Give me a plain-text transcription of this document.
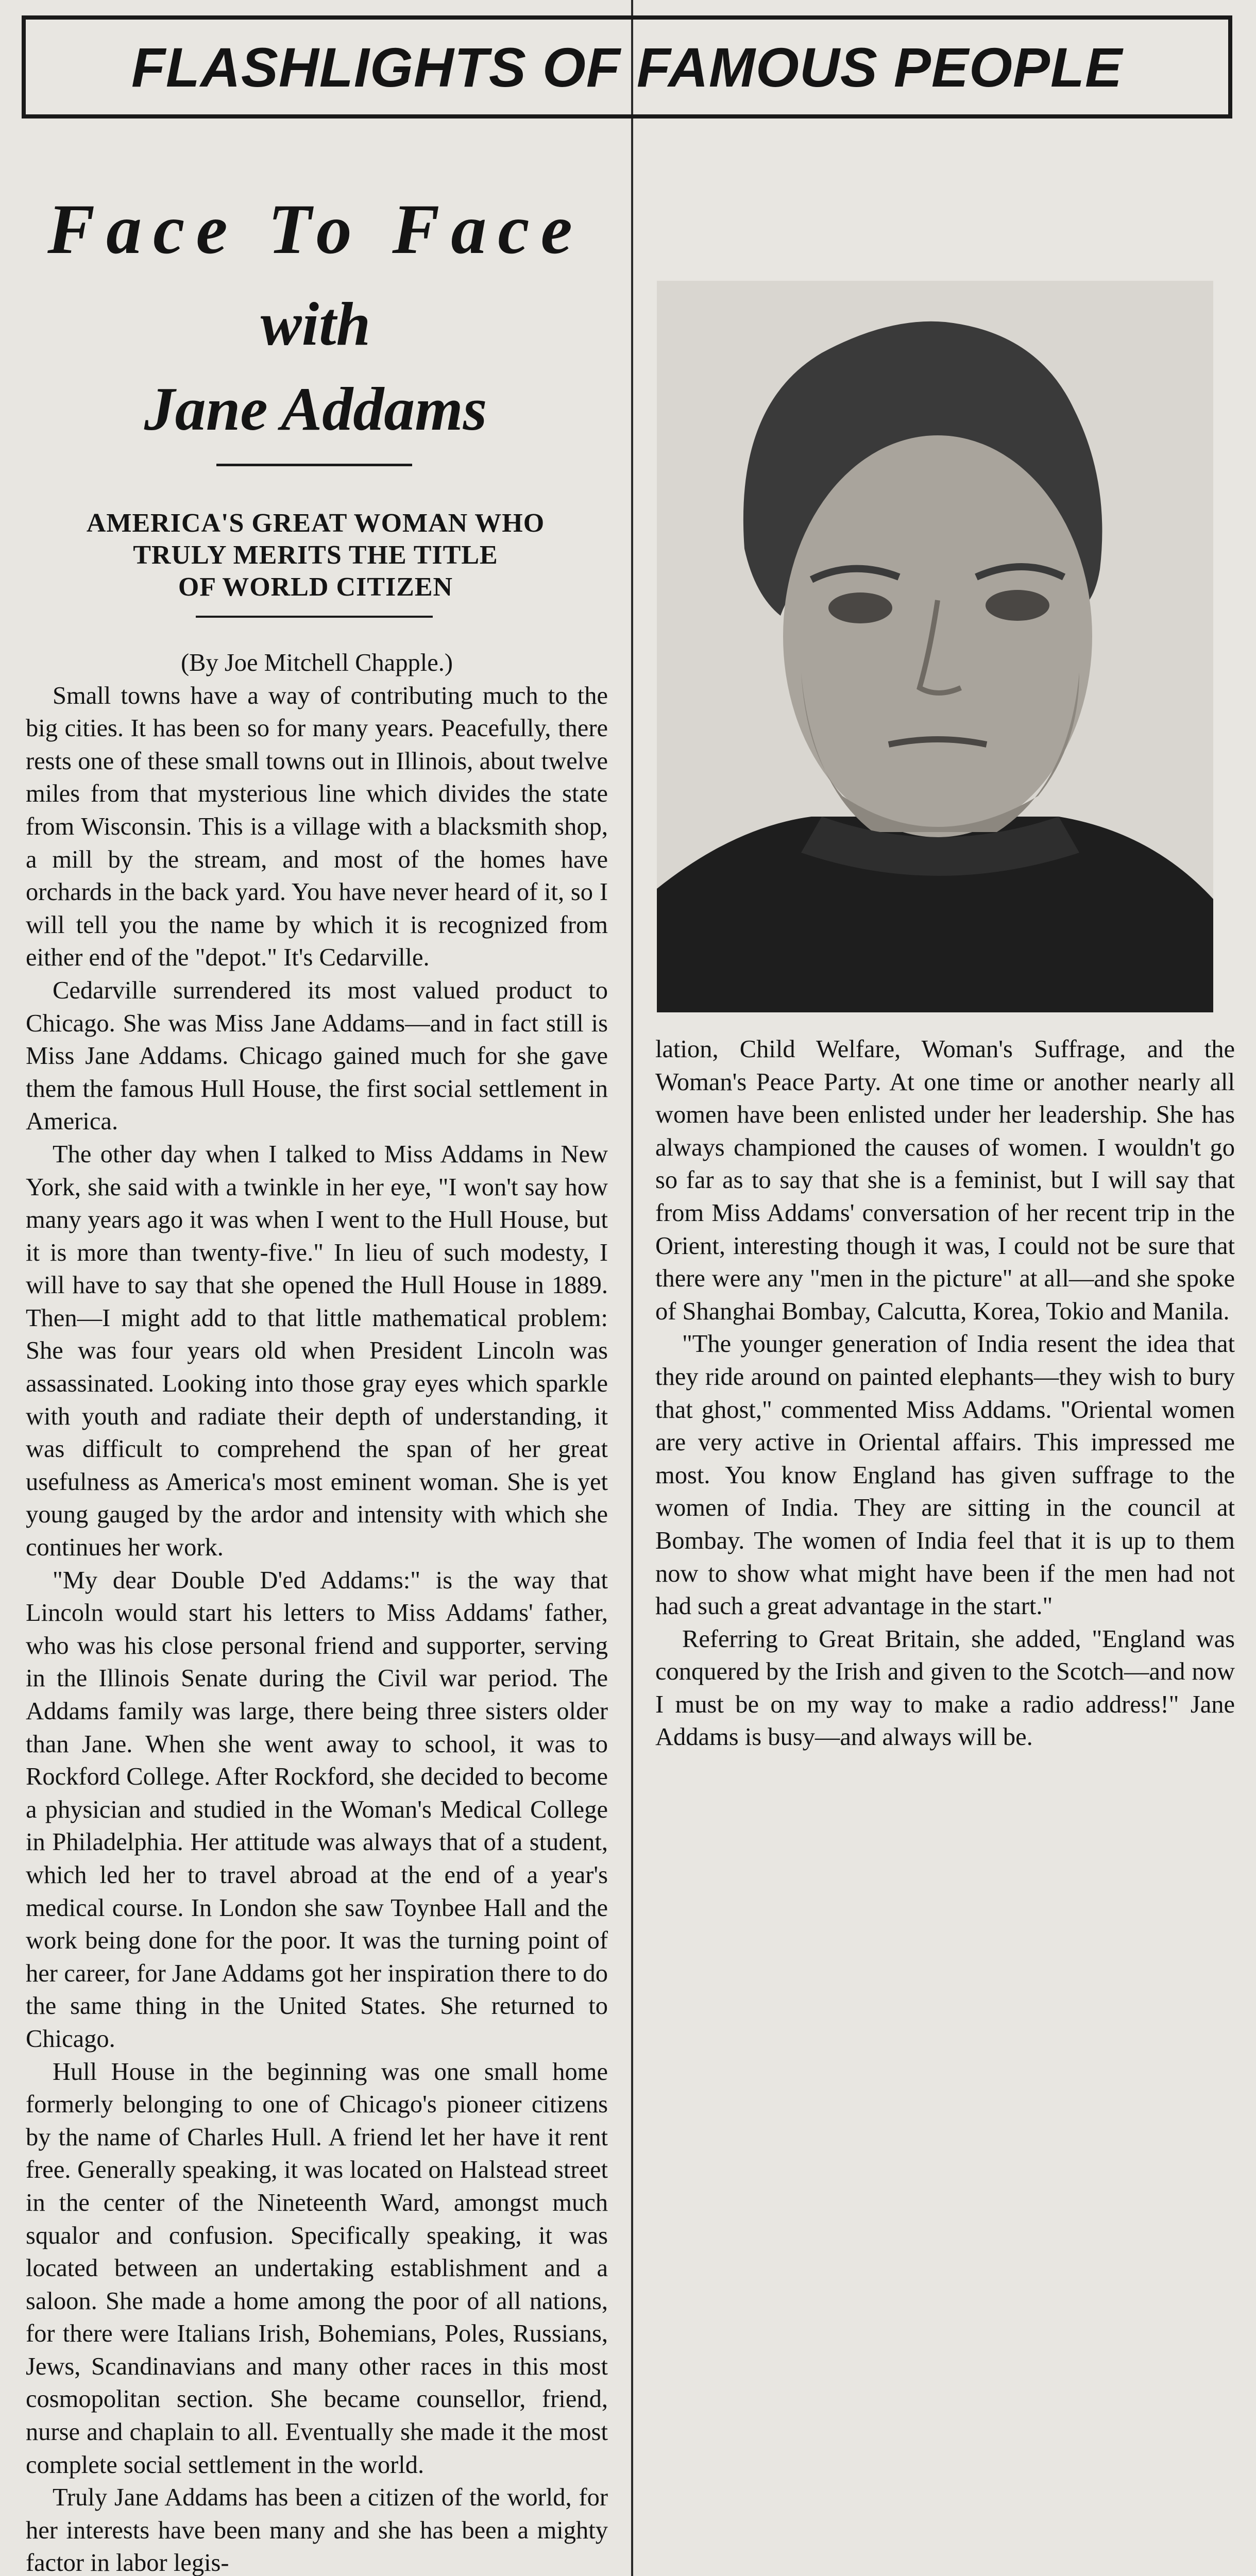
FLASHLIGHTS OF FAMOUS PEOPLE
Face To Face
with
Jane Addams
AMERICA'S GREAT WOMAN WHO
TRULY MERITS THE TITLE
OF WORLD CITIZEN

(By Joe Mitchell Chapple.)

Small towns have a way of contributing much to the big cities. It has been so for many years. Peacefully, there rests one of these small towns out in Illinois, about twelve miles from that mysterious line which divides the state from Wisconsin. This is a village with a blacksmith shop, a mill by the stream, and most of the homes have orchards in the back yard. You have never heard of it, so I will tell you the name by which it is recognized from either end of the "depot." It's Cedarville.

Cedarville surrendered its most valued product to Chicago. She was Miss Jane Addams—and in fact still is Miss Jane Addams. Chicago gained much for she gave them the famous Hull House, the first social settlement in America.

The other day when I talked to Miss Addams in New York, she said with a twinkle in her eye, "I won't say how many years ago it was when I went to the Hull House, but it is more than twenty-five." In lieu of such modesty, I will have to say that she opened the Hull House in 1889. Then—I might add to that little mathematical problem: She was four years old when President Lincoln was assassinated. Looking into those gray eyes which sparkle with youth and radiate their depth of understanding, it was difficult to comprehend the span of her great usefulness as America's most eminent woman. She is yet young gauged by the ardor and intensity with which she continues her work.

"My dear Double D'ed Addams:" is the way that Lincoln would start his letters to Miss Addams' father, who was his close personal friend and supporter, serving in the Illinois Senate during the Civil war period. The Addams family was large, there being three sisters older than Jane. When she went away to school, it was to Rockford College. After Rockford, she decided to become a physician and studied in the Woman's Medical College in Philadelphia. Her attitude was always that of a student, which led her to travel abroad at the end of a year's medical course. In London she saw Toynbee Hall and the work being done for the poor. It was the turning point of her career, for Jane Addams got her inspiration there to do the same thing in the United States. She returned to Chicago.

Hull House in the beginning was one small home formerly belonging to one of Chicago's pioneer citizens by the name of Charles Hull. A friend let her have it rent free. Generally speaking, it was located on Halstead street in the center of the Nineteenth Ward, amongst much squalor and confusion. Specifically speaking, it was located between an undertaking establishment and a saloon. She made a home among the poor of all nations, for there were Italians Irish, Bohemians, Poles, Russians, Jews, Scandinavians and many other races in this most cosmopolitan section. She became counsellor, friend, nurse and chaplain to all. Eventually she made it the most complete social settlement in the world.

Truly Jane Addams has been a citizen of the world, for her interests have been many and she has been a mighty factor in labor legis-

lation, Child Welfare, Woman's Suffrage, and the Woman's Peace Party. At one time or another nearly all women have been enlisted under her leadership. She has always championed the causes of women. I wouldn't go so far as to say that she is a feminist, but I will say that from Miss Addams' conversation of her recent trip in the Orient, interesting though it was, I could not be sure that there were any "men in the picture" at all—and she spoke of Shanghai Bombay, Calcutta, Korea, Tokio and Manila.

"The younger generation of India resent the idea that they ride around on painted elephants—they wish to bury that ghost," commented Miss Addams. "Oriental women are very active in Oriental affairs. This impressed me most. You know England has given suffrage to the women of India. They are sitting in the council at Bombay. The women of India feel that it is up to them now to show what might have been if the men had not had such a great advantage in the start."

Referring to Great Britain, she added, "England was conquered by the Irish and given to the Scotch—and now I must be on my way to make a radio address!" Jane Addams is busy—and always will be.
